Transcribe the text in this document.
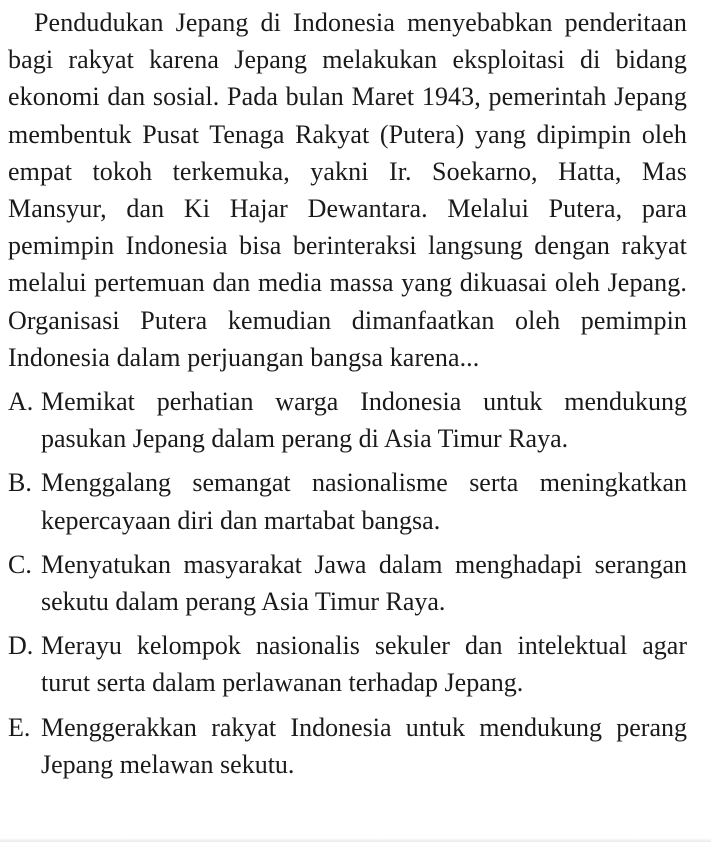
Pendudukan Jepang di Indonesia menyebabkan penderitaan bagi rakyat karena Jepang melakukan eksploitasi di bidang ekonomi dan sosial. Pada bulan Maret 1943, pemerintah Jepang membentuk Pusat Tenaga Rakyat (Putera) yang dipimpin oleh empat tokoh terkemuka, yakni Ir. Soekarno, Hatta, Mas Mansyur, dan Ki Hajar Dewantara. Melalui Putera, para pemimpin Indonesia bisa berinteraksi langsung dengan rakyat melalui pertemuan dan media massa yang dikuasai oleh Jepang. Organisasi Putera kemudian dimanfaatkan oleh pemimpin Indonesia dalam perjuangan bangsa karena...

A. Memikat perhatian warga Indonesia untuk mendukung pasukan Jepang dalam perang di Asia Timur Raya.
B. Menggalang semangat nasionalisme serta meningkatkan kepercayaan diri dan martabat bangsa.
C. Menyatukan masyarakat Jawa dalam menghadapi serangan sekutu dalam perang Asia Timur Raya.
D. Merayu kelompok nasionalis sekuler dan intelektual agar turut serta dalam perlawanan terhadap Jepang.
E. Menggerakkan rakyat Indonesia untuk mendukung perang Jepang melawan sekutu.
